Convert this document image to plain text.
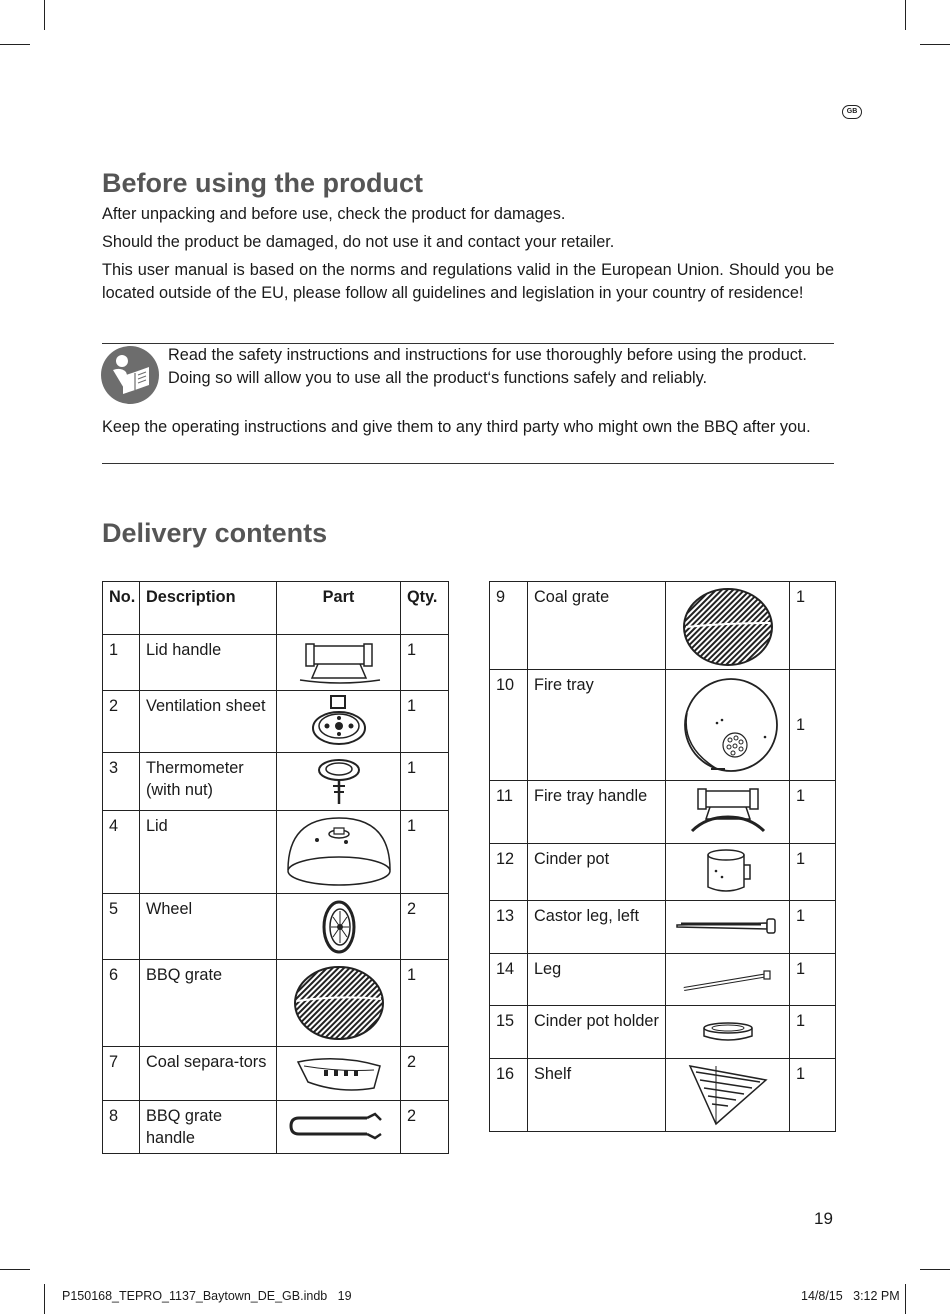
GB
Before using the product

After unpacking and before use, check the product for damages.

Should the product be damaged, do not use it and contact your retailer.

This user manual is based on the norms and regulations valid in the European Union. Should you be located outside of the EU, please follow all guidelines and legislation in your country of residence!

Read the safety instructions and instructions for use thoroughly before using the product. Doing so will allow you to use all the product‘s functions safely and reliably.

Keep the operating instructions and give them to any third party who might own the BBQ after you.

Delivery contents
No.	Description	Part	Qty.
1	Lid handle		1
2	Ventilation sheet		1
3	Thermometer (with nut)		1
4	Lid		1
5	Wheel		2
6	BBQ grate		1
7	Coal separa-tors		2
8	BBQ grate handle		2
9	Coal grate		1
10	Fire tray		1
11	Fire tray handle		1
12	Cinder pot		1
13	Castor leg, left		1
14	Leg		1
15	Cinder pot holder		1
16	Shelf		1
19
P150168_TEPRO_1137_Baytown_DE_GB.indb   19	14/8/15   3:12 PM
